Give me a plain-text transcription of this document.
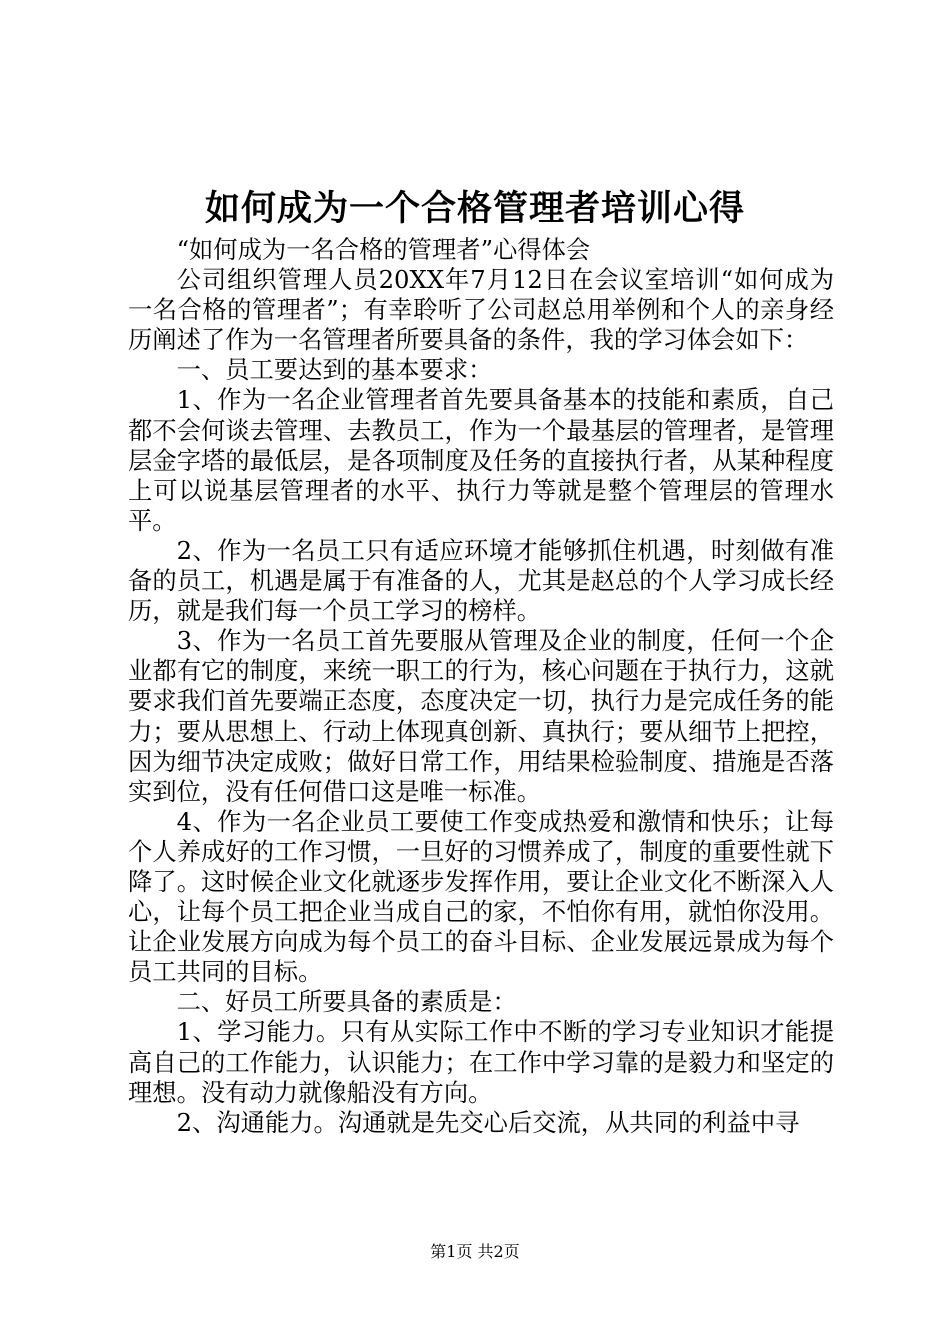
如何成为一个合格管理者培训心得

“如何成为一名合格的管理者”心得体会

公司组织管理人员20XX年7月12日在会议室培训“如何成为一名合格的管理者”；有幸聆听了公司赵总用举例和个人的亲身经历阐述了作为一名管理者所要具备的条件，我的学习体会如下：

一、员工要达到的基本要求：

1、作为一名企业管理者首先要具备基本的技能和素质，自己都不会何谈去管理、去教员工，作为一个最基层的管理者，是管理层金字塔的最低层，是各项制度及任务的直接执行者，从某种程度上可以说基层管理者的水平、执行力等就是整个管理层的管理水平。

2、作为一名员工只有适应环境才能够抓住机遇，时刻做有准备的员工，机遇是属于有准备的人，尤其是赵总的个人学习成长经历，就是我们每一个员工学习的榜样。

3、作为一名员工首先要服从管理及企业的制度，任何一个企业都有它的制度，来统一职工的行为，核心问题在于执行力，这就要求我们首先要端正态度，态度决定一切，执行力是完成任务的能力；要从思想上、行动上体现真创新、真执行；要从细节上把控，因为细节决定成败；做好日常工作，用结果检验制度、措施是否落实到位，没有任何借口这是唯一标准。

4、作为一名企业员工要使工作变成热爱和激情和快乐；让每个人养成好的工作习惯，一旦好的习惯养成了，制度的重要性就下降了。这时候企业文化就逐步发挥作用，要让企业文化不断深入人心，让每个员工把企业当成自己的家，不怕你有用，就怕你没用。让企业发展方向成为每个员工的奋斗目标、企业发展远景成为每个员工共同的目标。

二、好员工所要具备的素质是：

1、学习能力。只有从实际工作中不断的学习专业知识才能提高自己的工作能力，认识能力；在工作中学习靠的是毅力和坚定的理想。没有动力就像船没有方向。

2、沟通能力。沟通就是先交心后交流，从共同的利益中寻

第1页 共2页
